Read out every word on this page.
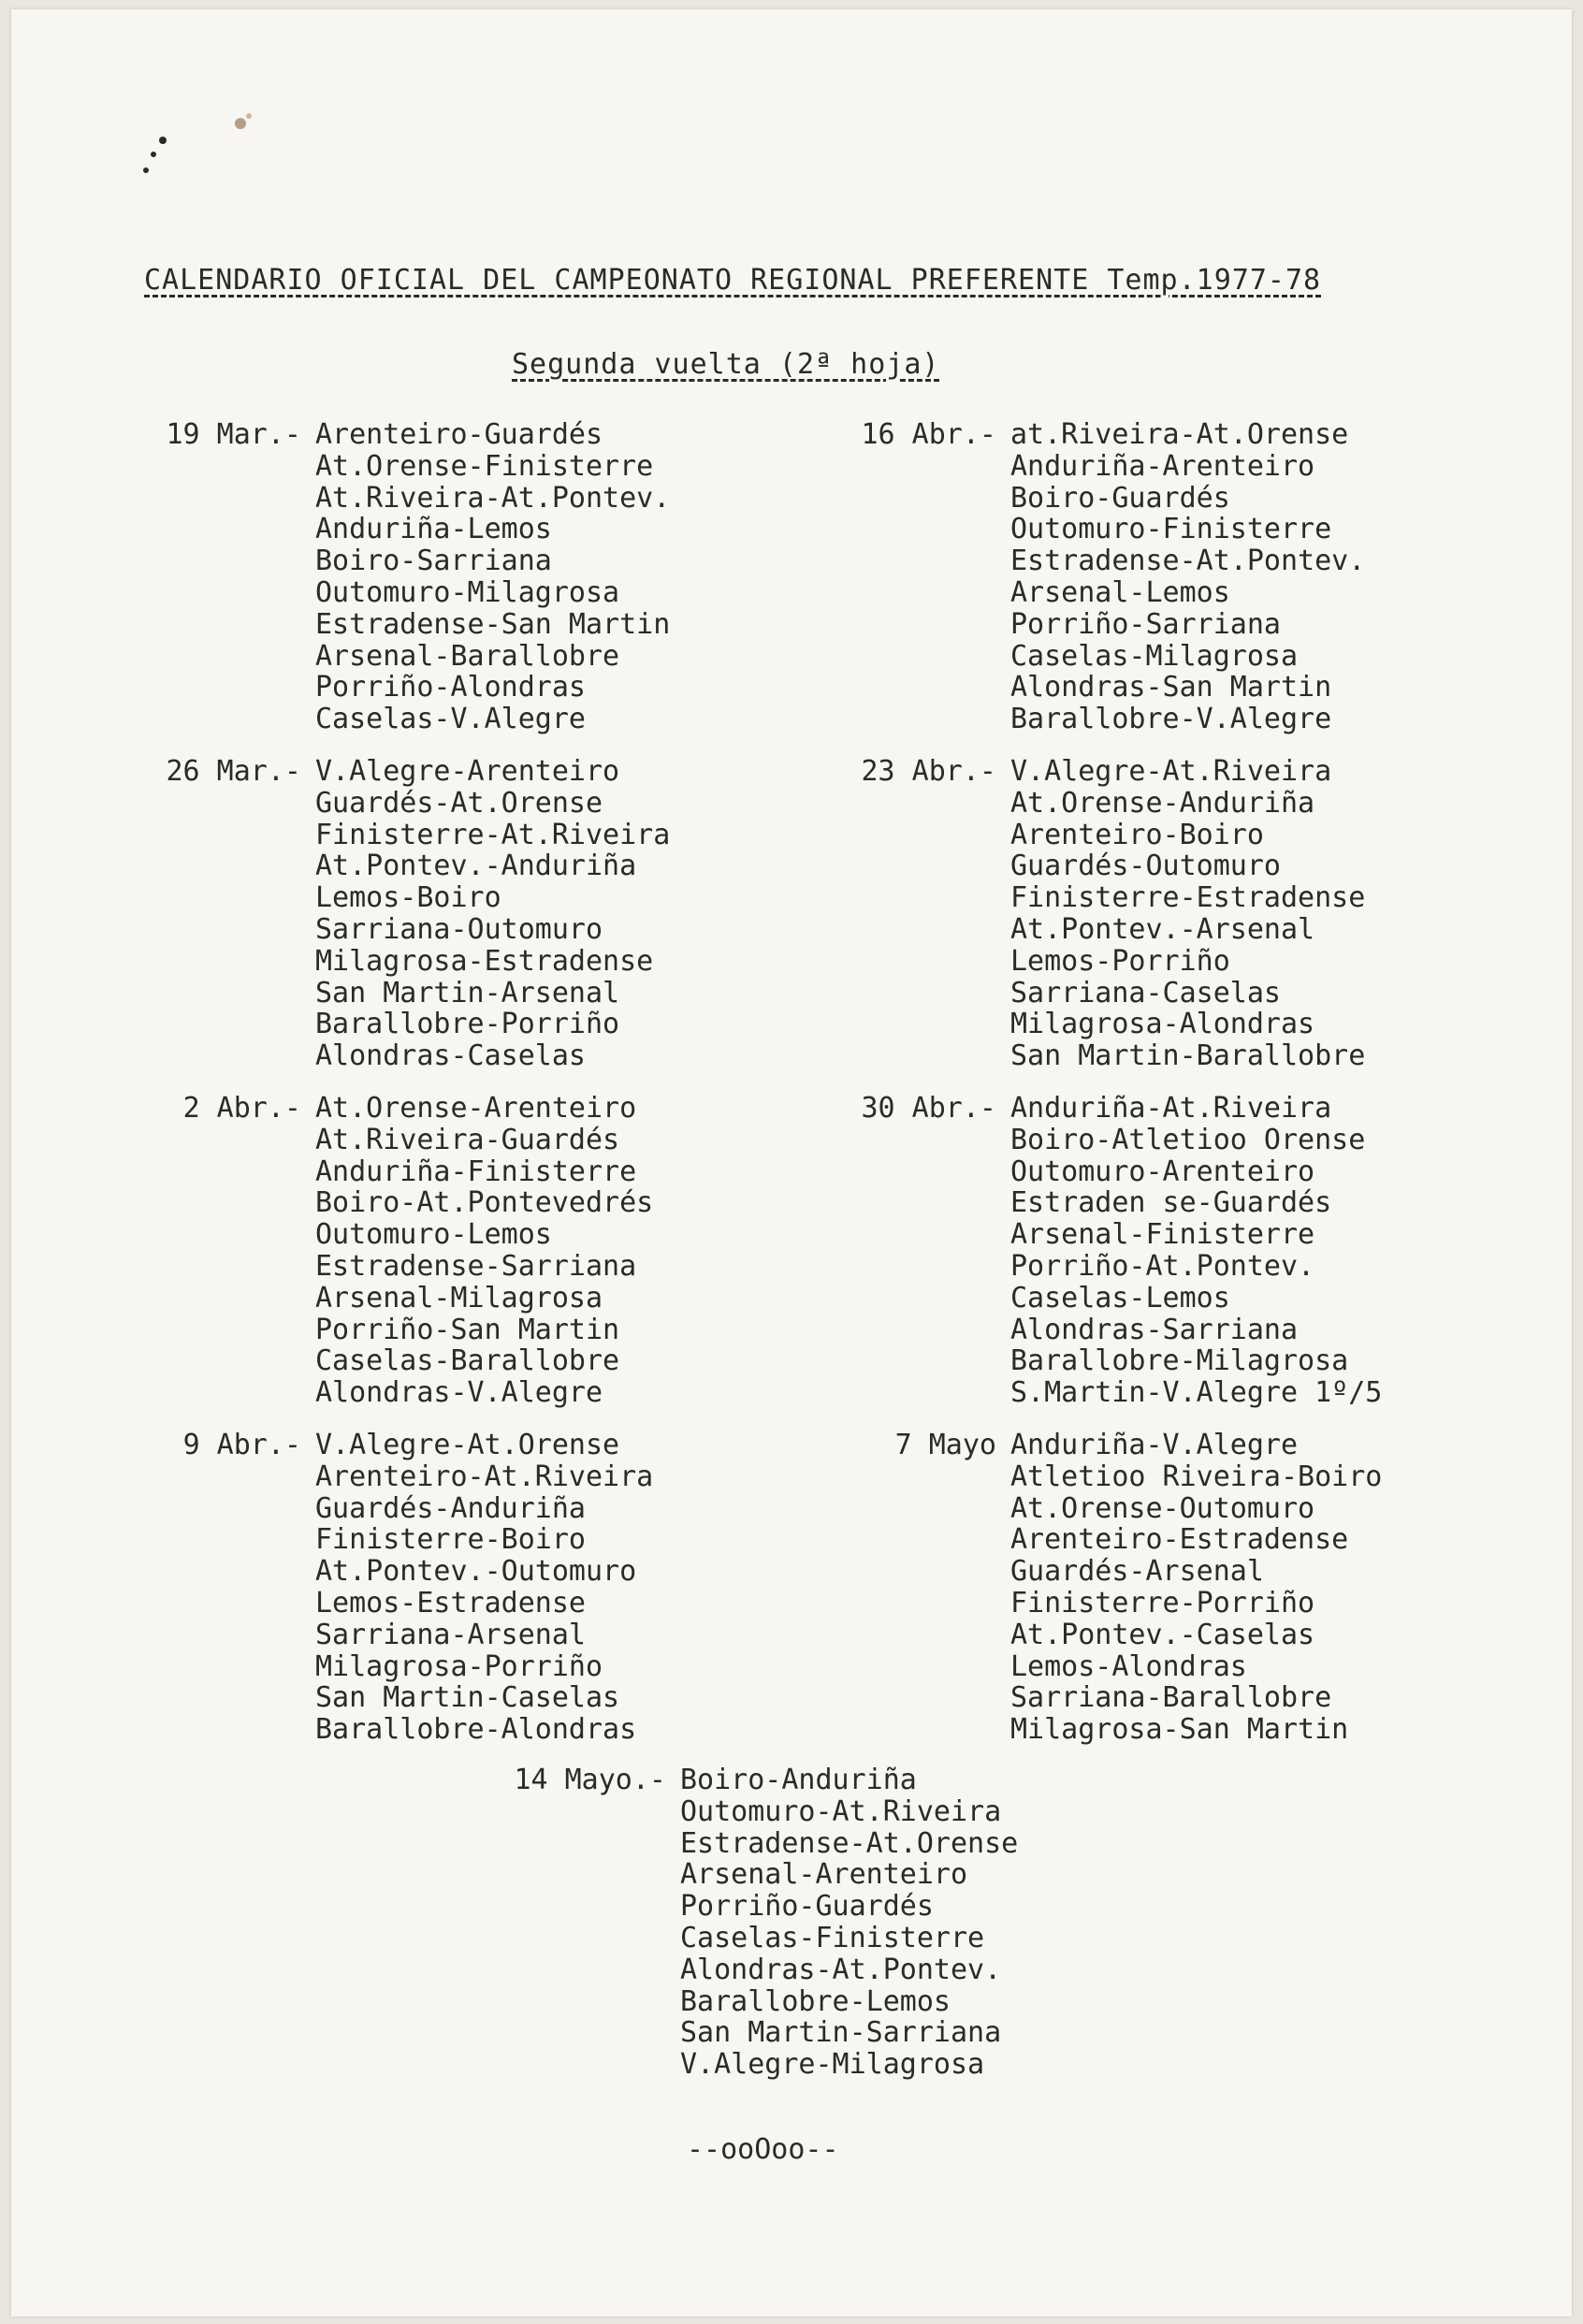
CALENDARIO OFICIAL DEL CAMPEONATO REGIONAL PREFERENTE Temp.1977-78
Segunda vuelta (2ª hoja)
19 Mar.- Arenteiro-Guardés
At.Orense-Finisterre
At.Riveira-At.Pontev.
Anduriña-Lemos
Boiro-Sarriana
Outomuro-Milagrosa
Estradense-San Martin
Arsenal-Barallobre
Porriño-Alondras
Caselas-V.Alegre
26 Mar.- V.Alegre-Arenteiro
Guardés-At.Orense
Finisterre-At.Riveira
At.Pontev.-Anduriña
Lemos-Boiro
Sarriana-Outomuro
Milagrosa-Estradense
San Martin-Arsenal
Barallobre-Porriño
Alondras-Caselas
2 Abr.- At.Orense-Arenteiro
At.Riveira-Guardés
Anduriña-Finisterre
Boiro-At.Pontevedrés
Outomuro-Lemos
Estradense-Sarriana
Arsenal-Milagrosa
Porriño-San Martin
Caselas-Barallobre
Alondras-V.Alegre
9 Abr.- V.Alegre-At.Orense
Arenteiro-At.Riveira
Guardés-Anduriña
Finisterre-Boiro
At.Pontev.-Outomuro
Lemos-Estradense
Sarriana-Arsenal
Milagrosa-Porriño
San Martin-Caselas
Barallobre-Alondras
16 Abr.- at.Riveira-At.Orense
Anduriña-Arenteiro
Boiro-Guardés
Outomuro-Finisterre
Estradense-At.Pontev.
Arsenal-Lemos
Porriño-Sarriana
Caselas-Milagrosa
Alondras-San Martin
Barallobre-V.Alegre
23 Abr.- V.Alegre-At.Riveira
At.Orense-Anduriña
Arenteiro-Boiro
Guardés-Outomuro
Finisterre-Estradense
At.Pontev.-Arsenal
Lemos-Porriño
Sarriana-Caselas
Milagrosa-Alondras
San Martin-Barallobre
30 Abr.- Anduriña-At.Riveira
Boiro-Atletioo Orense
Outomuro-Arenteiro
Estraden se-Guardés
Arsenal-Finisterre
Porriño-At.Pontev.
Caselas-Lemos
Alondras-Sarriana
Barallobre-Milagrosa
S.Martin-V.Alegre 1º/5
7 Mayo Anduriña-V.Alegre
Atletioo Riveira-Boiro
At.Orense-Outomuro
Arenteiro-Estradense
Guardés-Arsenal
Finisterre-Porriño
At.Pontev.-Caselas
Lemos-Alondras
Sarriana-Barallobre
Milagrosa-San Martin
14 Mayo.- Boiro-Anduriña
Outomuro-At.Riveira
Estradense-At.Orense
Arsenal-Arenteiro
Porriño-Guardés
Caselas-Finisterre
Alondras-At.Pontev.
Barallobre-Lemos
San Martin-Sarriana
V.Alegre-Milagrosa
--ooOoo--
